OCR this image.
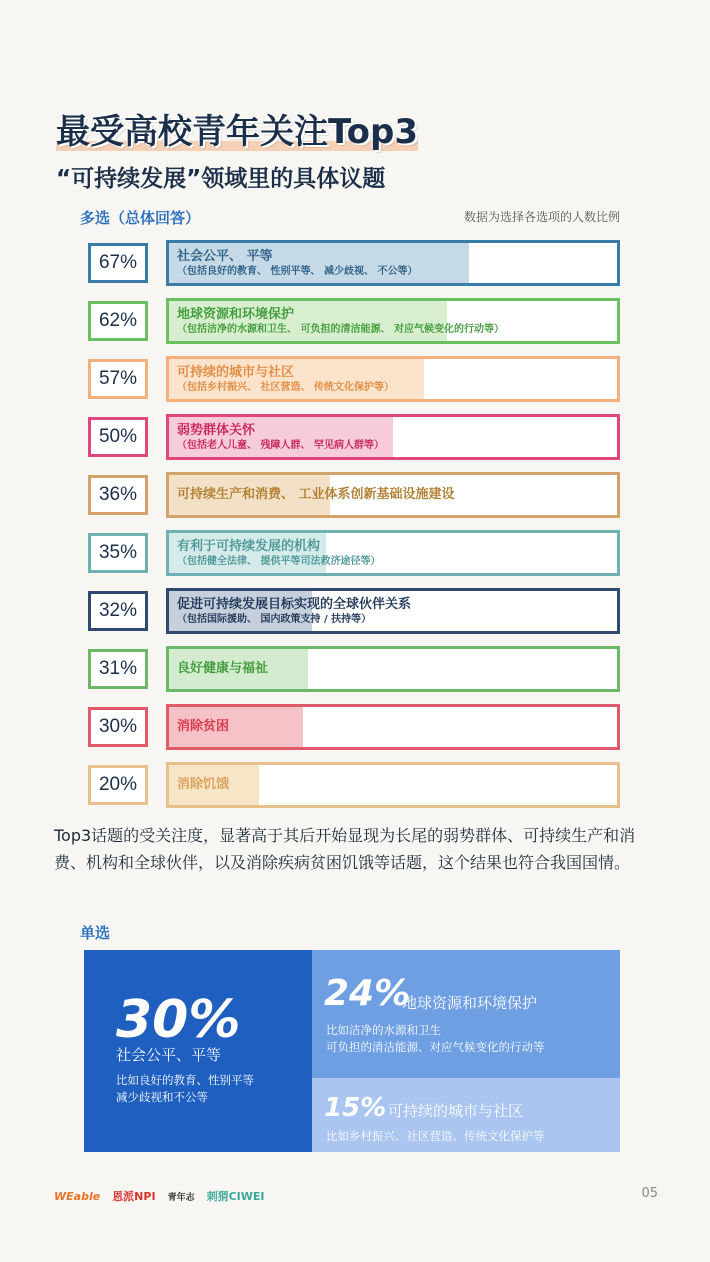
最受高校青年关注Top3
“可持续发展”领域里的具体议题
多选（总体回答）	数据为选择各选项的人数比例
67%	社会公平、 平等
（包括良好的教育、 性别平等、 减少歧视、 不公等）
62%	地球资源和环境保护
（包括洁净的水源和卫生、 可负担的清洁能源、 对应气候变化的行动等）
57%	可持续的城市与社区
（包括乡村振兴、 社区营造、 传统文化保护等）
50%	弱势群体关怀
（包括老人儿童、 残障人群、 罕见病人群等）
36%	可持续生产和消费、 工业体系创新基础设施建设
35%	有利于可持续发展的机构
（包括健全法律、 提供平等司法救济途径等）
32%	促进可持续发展目标实现的全球伙伴关系
（包括国际援助、 国内政策支持 / 扶持等）
31%	良好健康与福祉
30%	消除贫困
20%	消除饥饿
Top3话题的受关注度，显著高于其后开始显现为长尾的弱势群体、可持续生产和消费、机构和全球伙伴，以及消除疾病贫困饥饿等话题，这个结果也符合我国国情。
单选
30%
社会公平、平等
比如良好的教育、性别平等
减少歧视和不公等
24%
地球资源和环境保护
比如洁净的水源和卫生
可负担的清洁能源、对应气候变化的行动等
15% 可持续的城市与社区
比如乡村振兴、社区营造、传统文化保护等
WEable 恩派NPI 青年志 刺猬CIWEI	05
